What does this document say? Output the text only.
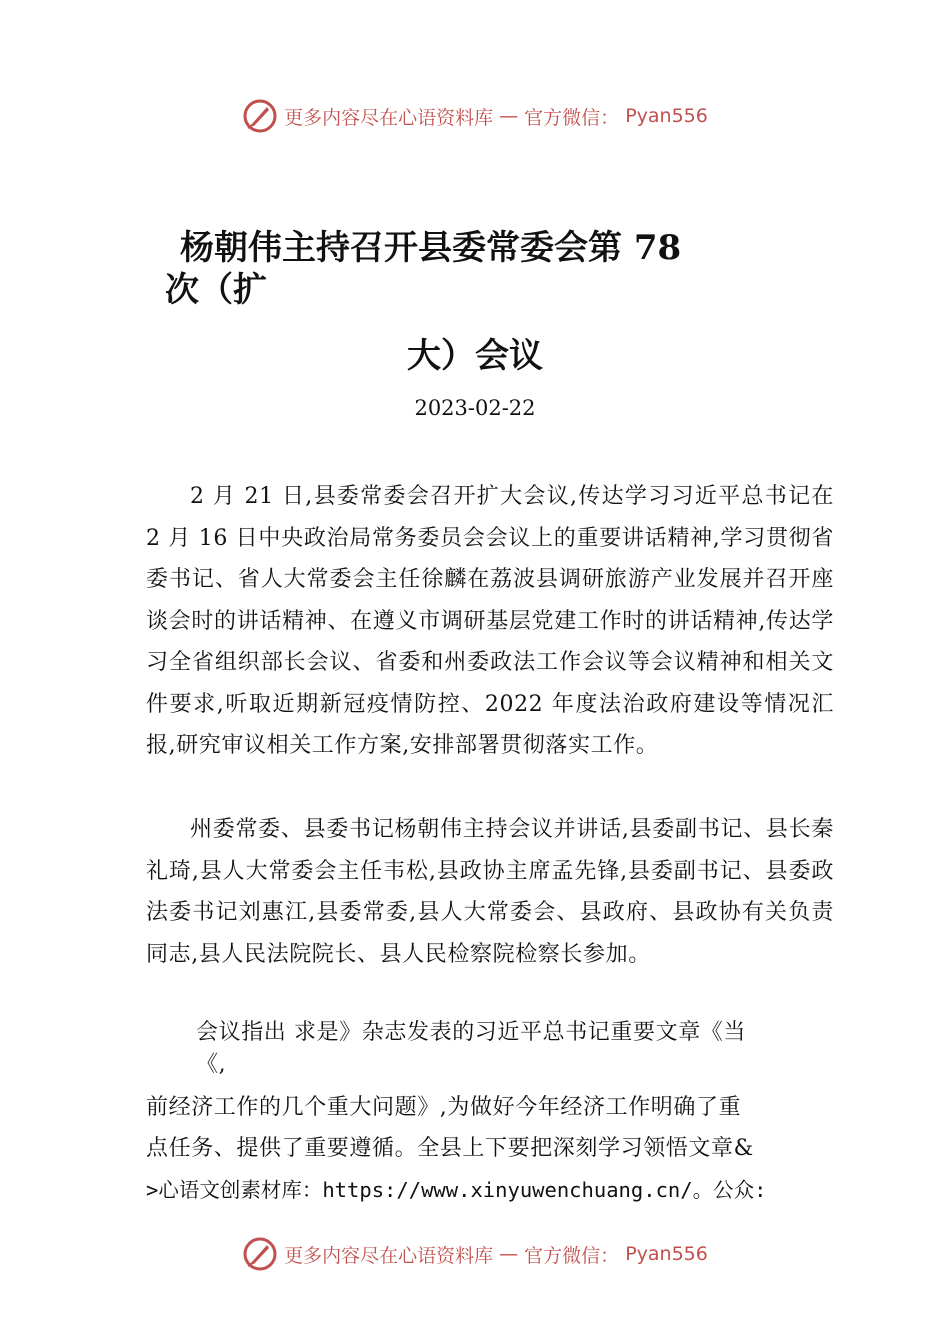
更多内容尽在心语资料库 — 官方微信： Pyan556
杨朝伟主持召开县委常委会第 78
次（扩
大）会议
2023-02-22

2 月 21 日,县委常委会召开扩大会议,传达学习习近平总书记在 2 月 16 日中央政治局常务委员会会议上的重要讲话精神,学习贯彻省委书记、省人大常委会主任徐麟在荔波县调研旅游产业发展并召开座谈会时的讲话精神、在遵义市调研基层党建工作时的讲话精神,传达学习全省组织部长会议、省委和州委政法工作会议等会议精神和相关文件要求,听取近期新冠疫情防控、2022 年度法治政府建设等情况汇报,研究审议相关工作方案,安排部署贯彻落实工作。

州委常委、县委书记杨朝伟主持会议并讲话,县委副书记、县长秦礼琦,县人大常委会主任韦松,县政协主席孟先锋,县委副书记、县委政法委书记刘惠江,县委常委,县人大常委会、县政府、县政协有关负责同志,县人民法院院长、县人民检察院检察长参加。

会议指出 求是》杂志发表的习近平总书记重要文章《当
《,
前经济工作的几个重大问题》,为做好今年经济工作明确了重
点任务、提供了重要遵循。全县上下要把深刻学习领悟文章&
>心语文创素材库：https://www.xinyuwenchuang.cn/。公众:
更多内容尽在心语资料库 — 官方微信： Pyan556
